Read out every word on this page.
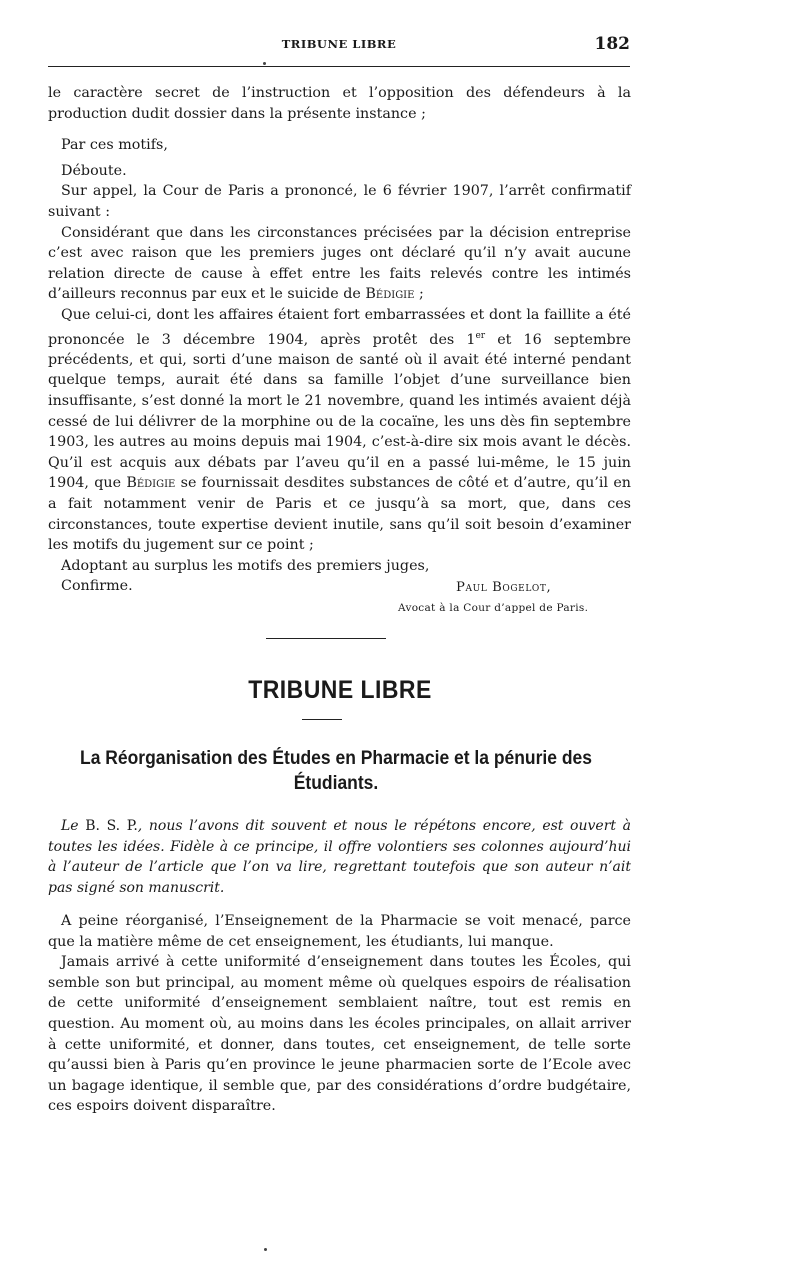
TRIBUNE LIBRE	182

le caractère secret de l’instruction et l’opposition des défendeurs à la production dudit dossier dans la présente instance ;

Par ces motifs,

Déboute.

Sur appel, la Cour de Paris a prononcé, le 6 février 1907, l’arrêt confirmatif suivant :

Considérant que dans les circonstances précisées par la décision entreprise c’est avec raison que les premiers juges ont déclaré qu’il n’y avait aucune relation directe de cause à effet entre les faits relevés contre les intimés d’ailleurs reconnus par eux et le suicide de Bédigie ;

Que celui-ci, dont les affaires étaient fort embarrassées et dont la faillite a été prononcée le 3 décembre 1904, après protêt des 1er et 16 septembre précédents, et qui, sorti d’une maison de santé où il avait été interné pendant quelque temps, aurait été dans sa famille l’objet d’une surveillance bien insuffisante, s’est donné la mort le 21 novembre, quand les intimés avaient déjà cessé de lui délivrer de la morphine ou de la cocaïne, les uns dès fin septembre 1903, les autres au moins depuis mai 1904, c’est-à-dire six mois avant le décès. Qu’il est acquis aux débats par l’aveu qu’il en a passé lui-même, le 15 juin 1904, que Bédigie se fournissait desdites substances de côté et d’autre, qu’il en a fait notamment venir de Paris et ce jusqu’à sa mort, que, dans ces circonstances, toute expertise devient inutile, sans qu’il soit besoin d’examiner les motifs du jugement sur ce point ;

Adoptant au surplus les motifs des premiers juges,

Confirme.	Paul Bogelot,
Avocat à la Cour d’appel de Paris.
TRIBUNE LIBRE
La Réorganisation des Études en Pharmacie et la pénurie des Étudiants.
Le B. S. P., nous l’avons dit souvent et nous le répétons encore, est ouvert à toutes les idées. Fidèle à ce principe, il offre volontiers ses colonnes aujourd’hui à l’auteur de l’article que l’on va lire, regrettant toutefois que son auteur n’ait pas signé son manuscrit.

A peine réorganisé, l’Enseignement de la Pharmacie se voit menacé, parce que la matière même de cet enseignement, les étudiants, lui manque.

Jamais arrivé à cette uniformité d’enseignement dans toutes les Écoles, qui semble son but principal, au moment même où quelques espoirs de réalisation de cette uniformité d’enseignement semblaient naître, tout est remis en question. Au moment où, au moins dans les écoles principales, on allait arriver à cette uniformité, et donner, dans toutes, cet enseignement, de telle sorte qu’aussi bien à Paris qu’en province le jeune pharmacien sorte de l’Ecole avec un bagage identique, il semble que, par des considérations d’ordre budgétaire, ces espoirs doivent disparaître.
